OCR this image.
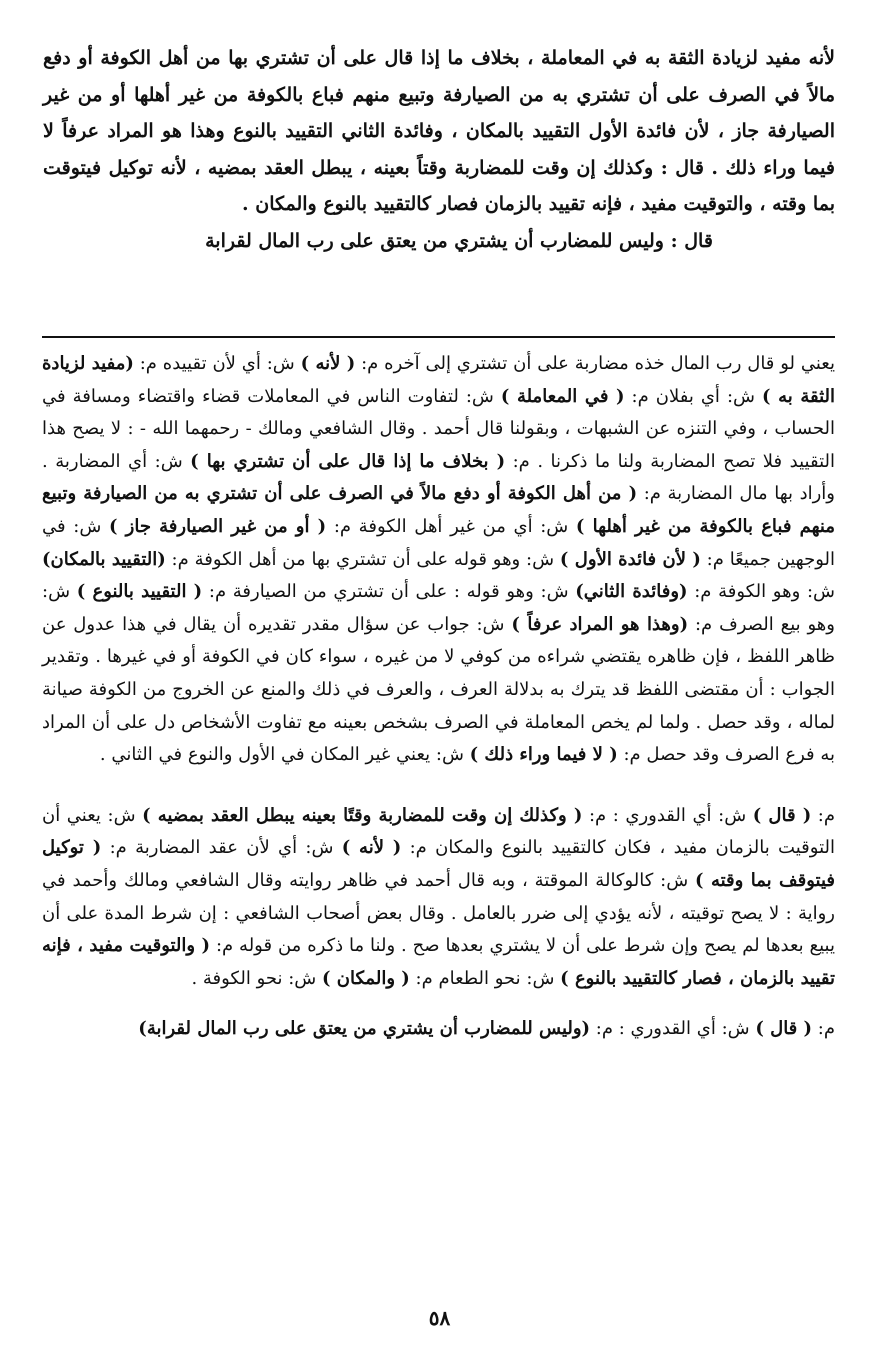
لأنه مفيد لزيادة الثقة به في المعاملة ، بخلاف ما إذا قال على أن تشتري بها من أهل الكوفة أو دفع مالاً في الصرف على أن تشتري به من الصيارفة وتبيع منهم فباع بالكوفة من غير أهلها أو من غير الصيارفة جاز ، لأن فائدة الأول التقييد بالمكان ، وفائدة الثاني التقييد بالنوع وهذا هو المراد عرفاً لا فيما وراء ذلك . قال : وكذلك إن وقت للمضاربة وقتاً بعينه ، يبطل العقد بمضيه ، لأنه توكيل فيتوقت بما وقته ، والتوقيت مفيد ، فإنه تقييد بالزمان فصار كالتقييد بالنوع والمكان .
قال : وليس للمضارب أن يشتري من يعتق على رب المال لقرابة

يعني لو قال رب المال خذه مضاربة على أن تشتري إلى آخره م: ( لأنه ) ش: أي لأن تقييده م: (مفيد لزيادة الثقة به ) ش: أي بفلان م: ( في المعاملة ) ش: لتفاوت الناس في المعاملات قضاء واقتضاء ومسافة في الحساب ، وفي التنزه عن الشبهات ، وبقولنا قال أحمد . وقال الشافعي ومالك - رحمهما الله - : لا يصح هذا التقييد فلا تصح المضاربة ولنا ما ذكرنا . م: ( بخلاف ما إذا قال على أن تشتري بها ) ش: أي المضاربة . وأراد بها مال المضاربة م: ( من أهل الكوفة أو دفع مالاً في الصرف على أن تشتري به من الصيارفة وتبيع منهم فباع بالكوفة من غير أهلها ) ش: أي من غير أهل الكوفة م: ( أو من غير الصيارفة جاز ) ش: في الوجهين جميعًا م: ( لأن فائدة الأول ) ش: وهو قوله على أن تشتري بها من أهل الكوفة م: (التقييد بالمكان) ش: وهو الكوفة م: (وفائدة الثاني) ش: وهو قوله : على أن تشتري من الصيارفة م: ( التقييد بالنوع ) ش: وهو بيع الصرف م: (وهذا هو المراد عرفاً ) ش: جواب عن سؤال مقدر تقديره أن يقال في هذا عدول عن ظاهر اللفظ ، فإن ظاهره يقتضي شراءه من كوفي لا من غيره ، سواء كان في الكوفة أو في غيرها . وتقدير الجواب : أن مقتضى اللفظ قد يترك به بدلالة العرف ، والعرف في ذلك والمنع عن الخروج من الكوفة صيانة لماله ، وقد حصل . ولما لم يخص المعاملة في الصرف بشخص بعينه مع تفاوت الأشخاص دل على أن المراد به فرع الصرف وقد حصل م: ( لا فيما وراء ذلك ) ش: يعني غير المكان في الأول والنوع في الثاني .

م: ( قال ) ش: أي القدوري : م: ( وكذلك إن وقت للمضاربة وقتًا بعينه يبطل العقد بمضيه ) ش: يعني أن التوقيت بالزمان مفيد ، فكان كالتقييد بالنوع والمكان م: ( لأنه ) ش: أي لأن عقد المضاربة م: ( توكيل فيتوقف بما وقته ) ش: كالوكالة الموقتة ، وبه قال أحمد في ظاهر روايته وقال الشافعي ومالك وأحمد في رواية : لا يصح توقيته ، لأنه يؤدي إلى ضرر بالعامل . وقال بعض أصحاب الشافعي : إن شرط المدة على أن يبيع بعدها لم يصح وإن شرط على أن لا يشتري بعدها صح . ولنا ما ذكره من قوله م: ( والتوقيت مفيد ، فإنه تقييد بالزمان ، فصار كالتقييد بالنوع ) ش: نحو الطعام م: ( والمكان ) ش: نحو الكوفة .

م: ( قال ) ش: أي القدوري : م: (وليس للمضارب أن يشتري من يعتق على رب المال لقرابة)

٥٨
